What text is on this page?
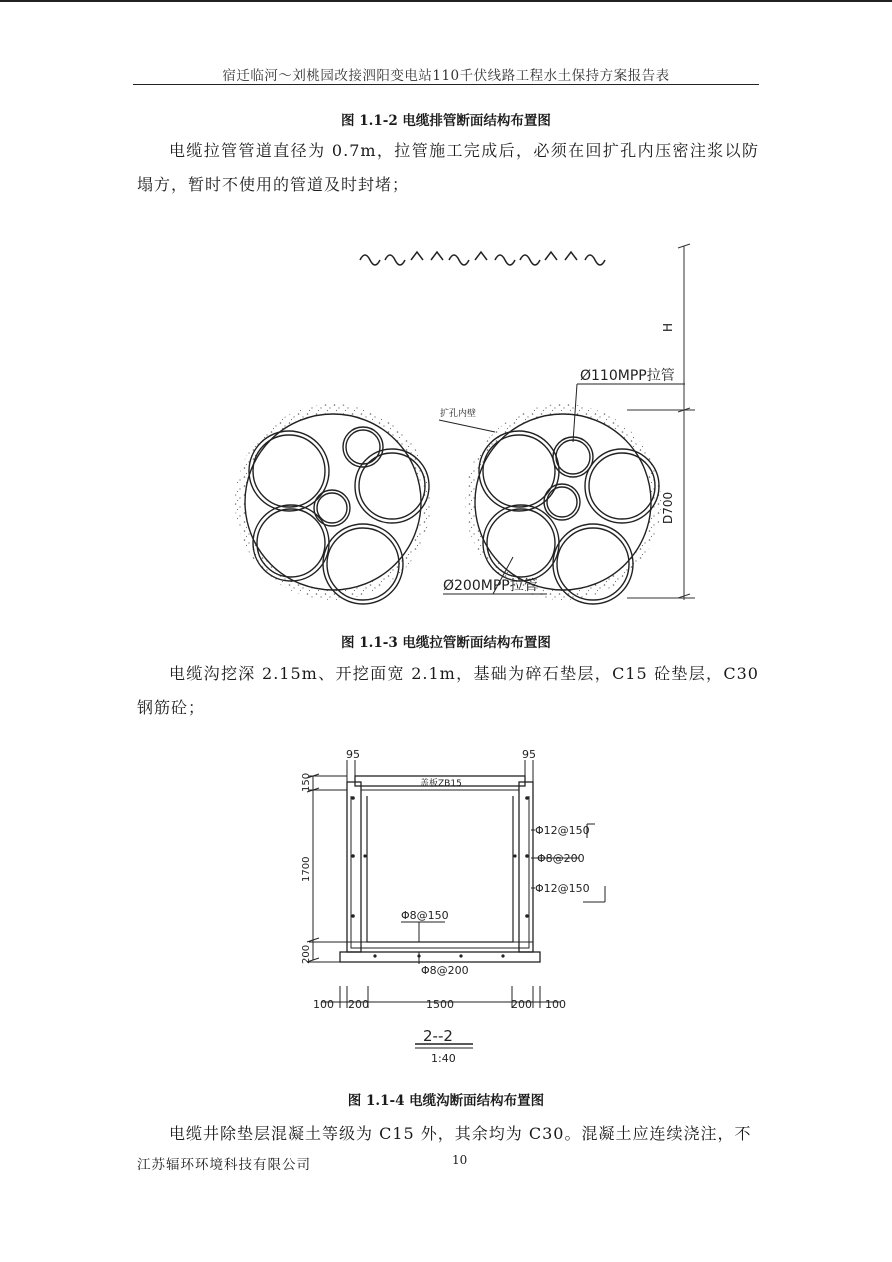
宿迁临河～刘桃园改接泗阳变电站110千伏线路工程水土保持方案报告表
图 1.1-2 电缆排管断面结构布置图
电缆拉管管道直径为 0.7m，拉管施工完成后，必须在回扩孔内压密注浆以防塌方，暂时不使用的管道及时封堵；
H
D700
Ø110MPP拉管
扩孔内壁
Ø200MPP拉管
图 1.1-3 电缆拉管断面结构布置图
电缆沟挖深 2.15m、开挖面宽 2.1m，基础为碎石垫层，C15 砼垫层，C30 钢筋砼；
95	95
盖板ZB15
150
1700
200
Φ12@150
Φ8@200
Φ12@150
Φ8@150
Φ8@200
100 200	1500	200 100
2--2
1:40
图 1.1-4 电缆沟断面结构布置图
电缆井除垫层混凝土等级为 C15 外，其余均为 C30。混凝土应连续浇注，不
江苏辐环环境科技有限公司	10
